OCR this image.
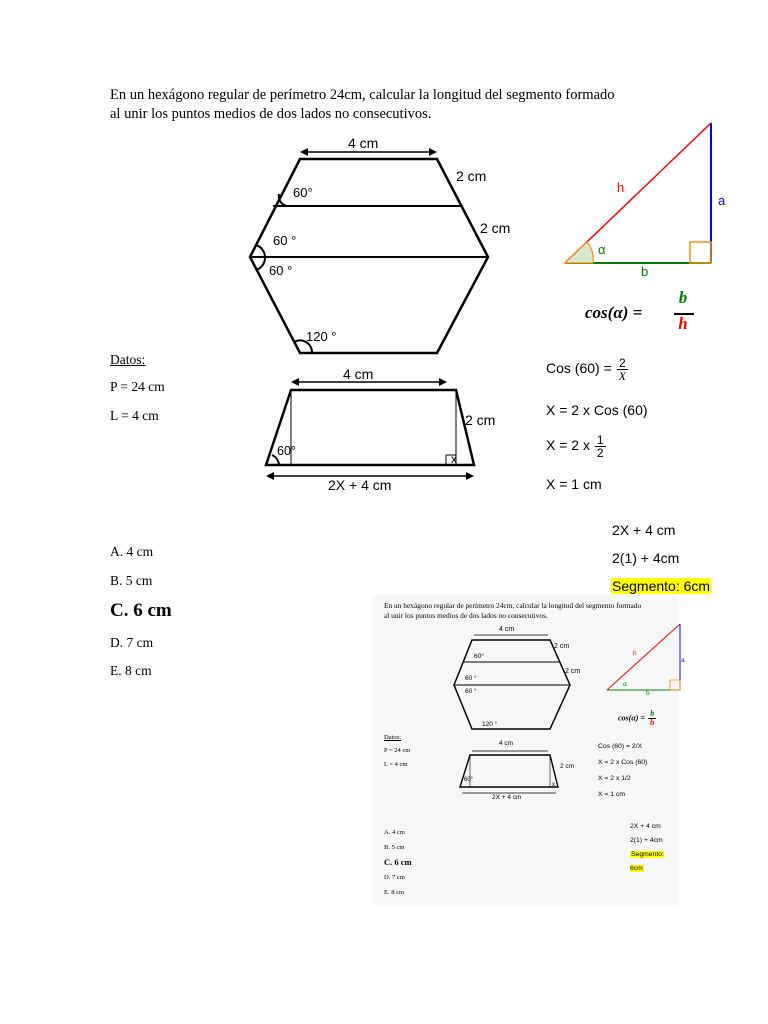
En un hexágono regular de perímetro 24cm, calcular la longitud del segmento formado
al unir los puntos medios de dos lados no consecutivos.
4 cm
2 cm
2 cm
60°
60 °
60 °
120 °
h
a
b
α
cos(α) =
b
h
Datos:
P = 24 cm
L = 4 cm
4 cm
2 cm
60°
x
2X + 4 cm
Cos $(60) = \frac{2}{X}$
X = 2 x Cos (60)
X = 2 x $\frac{1}{2}$
X = 1 cm
2X + 4 cm
2(1) + 4cm
Segmento: 6cm
A. 4 cm
B. 5 cm
C. 6 cm
D. 7 cm
E. 8 cm
En un hexágono regular de perímetro 24cm, calcular la longitud del segmento formado
al unir los puntos medios de dos lados no consecutivos.
4 cm
2 cm
2 cm
60°
60 °
60 °
120 °
h
a
b
α
$\cos(\alpha) = \frac{b}{h}$
Datos:
P = 24 cm
L = 4 cm
4 cm
2 cm
60°
x
2X + 4 cm
Cos (60) = 2/X
X = 2 x Cos (60)
X = 2 x 1/2
X = 1 cm
2X + 4 cm
2(1) + 4cm
Segmento: 6cm
A. 4 cm
B. 5 cm
C. 6 cm
D. 7 cm
E. 8 cm
